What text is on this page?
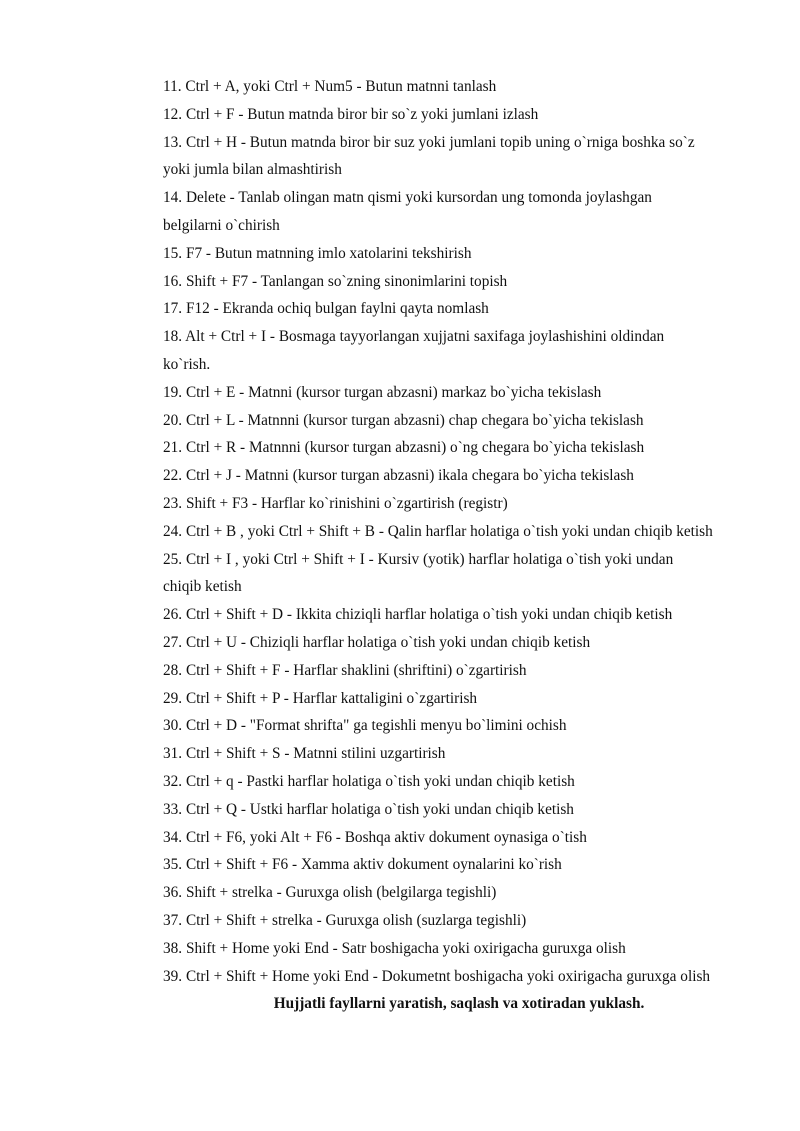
11. Ctrl + A, yoki Ctrl + Num5 - Butun matnni tanlash

12. Ctrl + F - Butun matnda biror bir so`z yoki jumlani izlash

13. Ctrl + H - Butun matnda biror bir suz yoki jumlani topib uning o`rniga boshka so`z

yoki jumla bilan almashtirish

14. Delete - Tanlab olingan matn qismi yoki kursordan ung tomonda joylashgan

belgilarni o`chirish

15. F7 - Butun matnning imlo xatolarini tekshirish

16. Shift + F7 - Tanlangan so`zning sinonimlarini topish

17. F12 - Ekranda ochiq bulgan faylni qayta nomlash

18. Alt + Ctrl + I - Bosmaga tayyorlangan xujjatni saxifaga joylashishini oldindan

ko`rish.

19. Ctrl + E - Matnni (kursor turgan abzasni) markaz bo`yicha tekislash

20. Ctrl + L - Matnnni (kursor turgan abzasni) chap chegara bo`yicha tekislash

21. Ctrl + R - Matnnni (kursor turgan abzasni) o`ng chegara bo`yicha tekislash

22. Ctrl + J - Matnni (kursor turgan abzasni) ikala chegara bo`yicha tekislash

23. Shift + F3 - Harflar ko`rinishini o`zgartirish (registr)

24. Ctrl + B , yoki Ctrl + Shift + B - Qalin harflar holatiga o`tish yoki undan chiqib ketish

25. Ctrl + I , yoki Ctrl + Shift + I - Kursiv (yotik) harflar holatiga o`tish yoki undan

chiqib ketish

26. Ctrl + Shift + D - Ikkita chiziqli harflar holatiga o`tish yoki undan chiqib ketish

27. Ctrl + U - Chiziqli harflar holatiga o`tish yoki undan chiqib ketish

28. Ctrl + Shift + F - Harflar shaklini (shriftini) o`zgartirish

29. Ctrl + Shift + P - Harflar kattaligini o`zgartirish

30. Ctrl + D - "Format shrifta" ga tegishli menyu bo`limini ochish

31. Ctrl + Shift + S - Matnni stilini uzgartirish

32. Ctrl + q - Pastki harflar holatiga o`tish yoki undan chiqib ketish

33. Ctrl + Q - Ustki harflar holatiga o`tish yoki undan chiqib ketish

34. Ctrl + F6, yoki Alt + F6 - Boshqa aktiv dokument oynasiga o`tish

35. Ctrl + Shift + F6 - Xamma aktiv dokument oynalarini ko`rish

36. Shift + strelka - Guruxga olish (belgilarga tegishli)

37. Ctrl + Shift + strelka - Guruxga olish (suzlarga tegishli)

38. Shift + Home yoki End - Satr boshigacha yoki oxirigacha guruxga olish

39. Ctrl + Shift + Home yoki End - Dokumetnt boshigacha yoki oxirigacha guruxga olish

Hujjatli fayllarni yaratish, saqlash va xotiradan yuklash.
